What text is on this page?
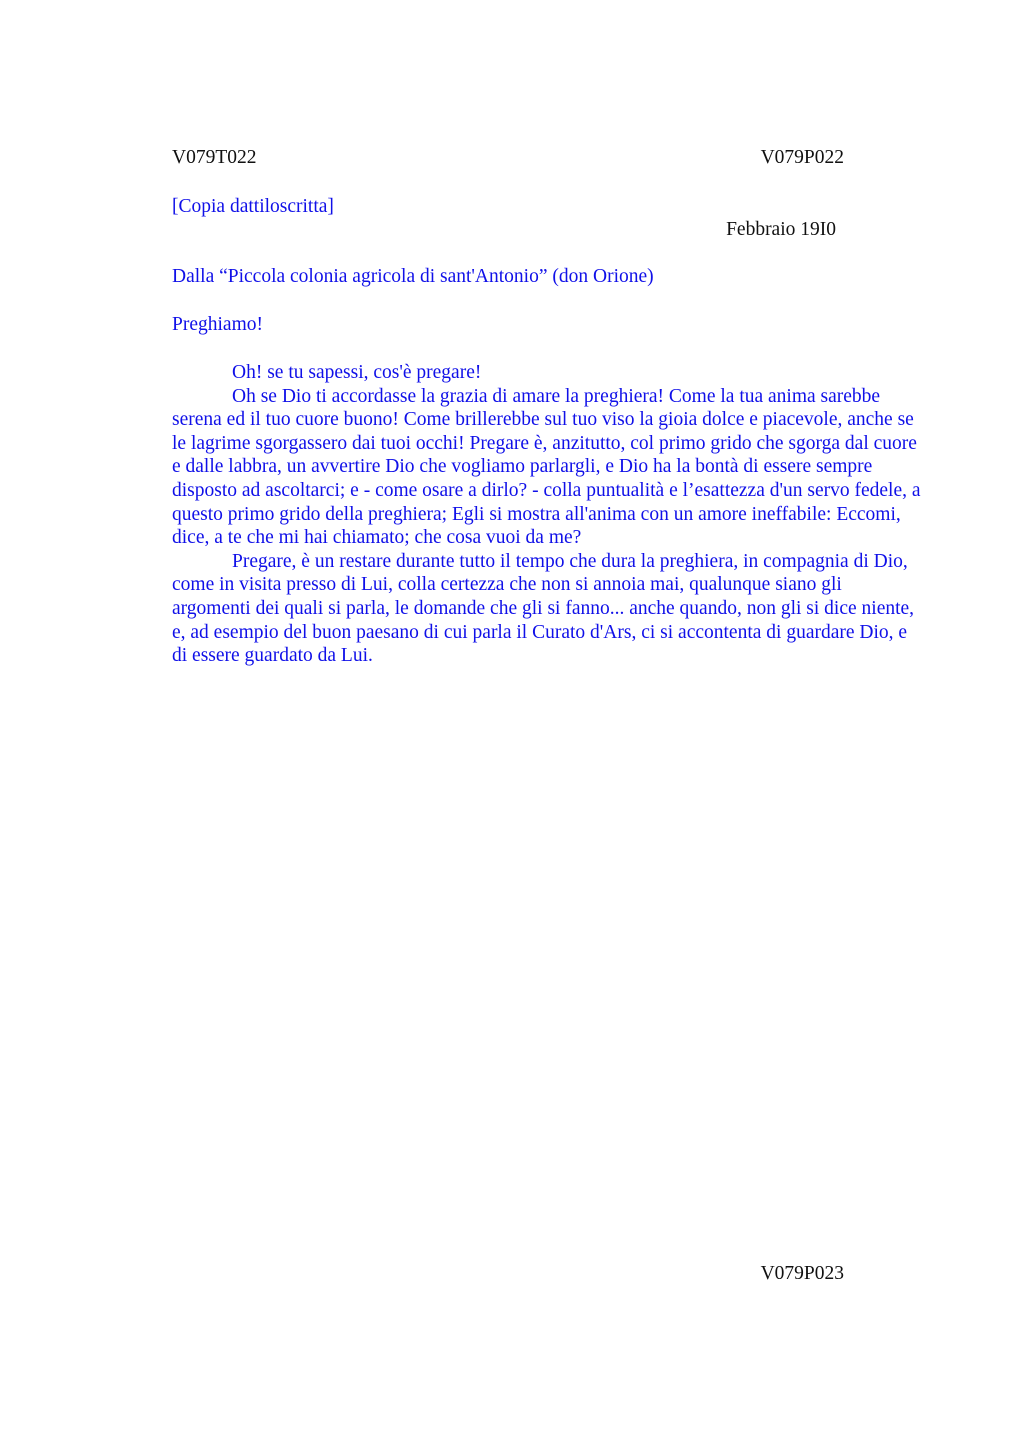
V079T022	V079P022
[Copia dattiloscritta]
Febbraio 19I0
Dalla “Piccola colonia agricola di sant'Antonio” (don Orione)
Preghiamo!

Oh! se tu sapessi, cos'è pregare!

Oh se Dio ti accordasse la grazia di amare la preghiera! Come la tua anima sarebbe serena ed il tuo cuore buono! Come brillerebbe sul tuo viso la gioia dolce e piacevole, anche se le lagrime sgorgassero dai tuoi occhi! Pregare è, anzitutto, col primo grido che sgorga dal cuore e dalle labbra, un avvertire Dio che vogliamo parlargli, e Dio ha la bontà di essere sempre disposto ad ascoltarci; e - come osare a dirlo? - colla puntualità e l’esattezza d'un servo fedele, a questo primo grido della preghiera; Egli si mostra all'anima con un amore ineffabile: Eccomi, dice, a te che mi hai chiamato; che cosa vuoi da me?

Pregare, è un restare durante tutto il tempo che dura la preghiera, in compagnia di Dio, come in visita presso di Lui, colla certezza che non si annoia mai, qualunque siano gli argomenti dei quali si parla, le domande che gli si fanno... anche quando, non gli si dice niente, e, ad esempio del buon paesano di cui parla il Curato d'Ars, ci si accontenta di guardare Dio, e di essere guardato da Lui.

V079P023
